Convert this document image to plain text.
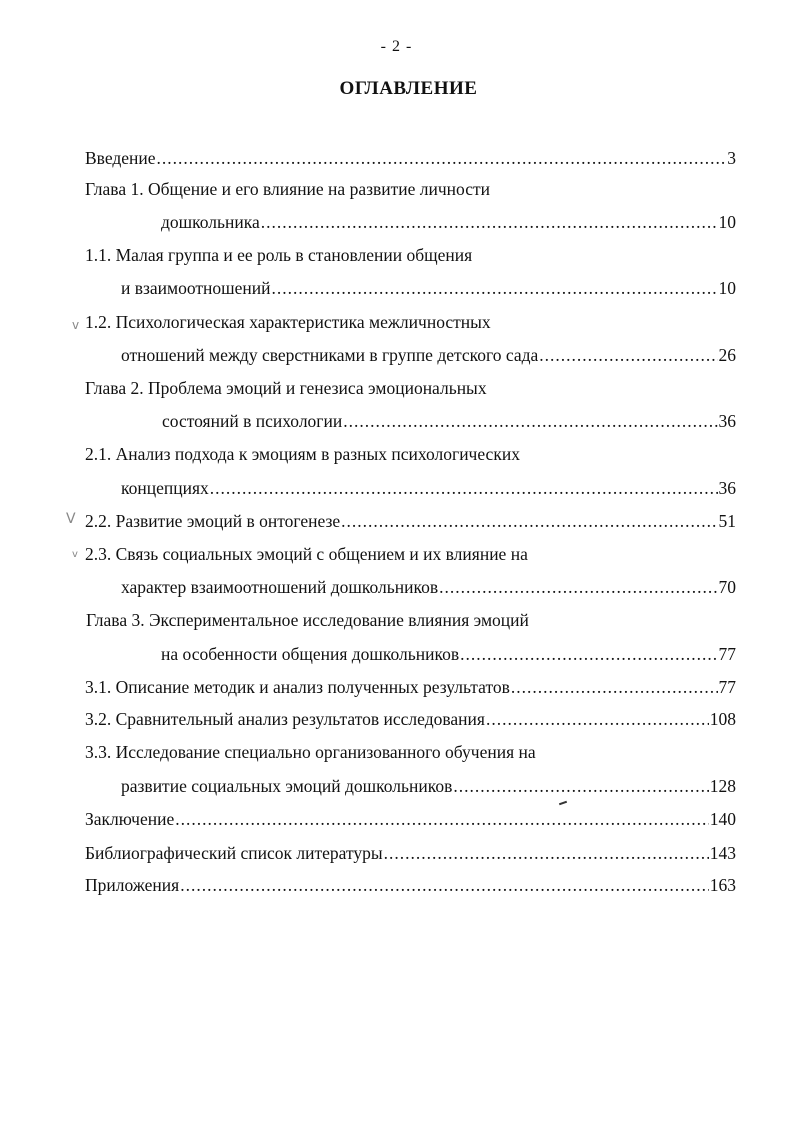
- 2 -
ОГЛАВЛЕНИЕ
Введение .....	3
Глава 1. Общение и его влияние на развитие личности
дошкольника .....	10
1.1. Малая группа и ее роль в становлении общения
и взаимоотношений .....	10
v 1.2. Психологическая характеристика межличностных
отношений между сверстниками в группе детского сада .....	26
Глава 2. Проблема эмоций и генезиса эмоциональных
состояний в психологии .....	36
2.1. Анализ подхода к эмоциям в разных психологических
концепциях .....	36
V 2.2. Развитие эмоций в онтогенезе .....	51
v 2.3. Связь социальных эмоций с общением и их влияние на
характер взаимоотношений дошкольников .....	70
Глава 3. Экспериментальное исследование влияния эмоций
на особенности общения дошкольников .....	77
3.1. Описание методик и анализ полученных результатов .....	77
3.2. Сравнительный анализ результатов исследования .....	108
3.3. Исследование специально организованного обучения на
развитие социальных эмоций дошкольников .....	128
Заключение .....	140
Библиографический список литературы .....	143
Приложения .....	163
